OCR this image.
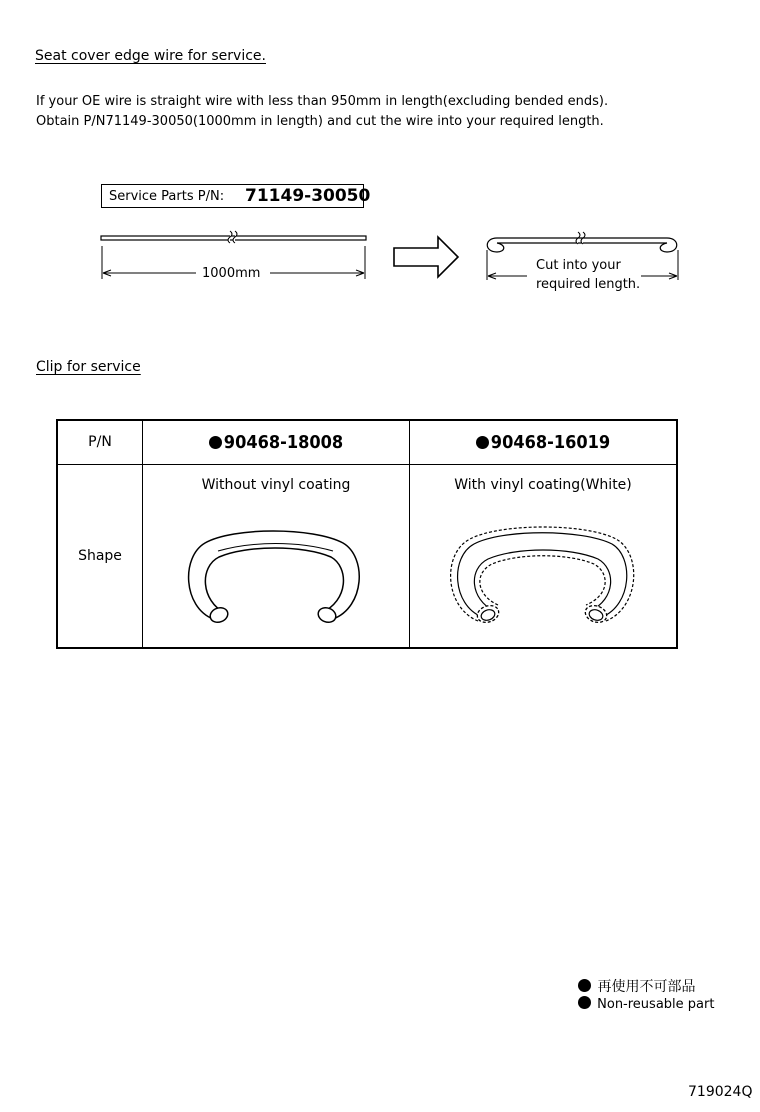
Seat cover edge wire for service.
If your OE wire is straight wire with less than 950mm in length(excluding bended ends).
Obtain P/N71149-30050(1000mm in length) and cut the wire into your required length.
Service Parts P/N: 71149-30050
1000mm
Cut into your
required length.
Clip for service
P/N	90468-18008	90468-16019
Shape	Without vinyl coating	With vinyl coating(White)
再使用不可部品
Non-reusable part
719024Q
